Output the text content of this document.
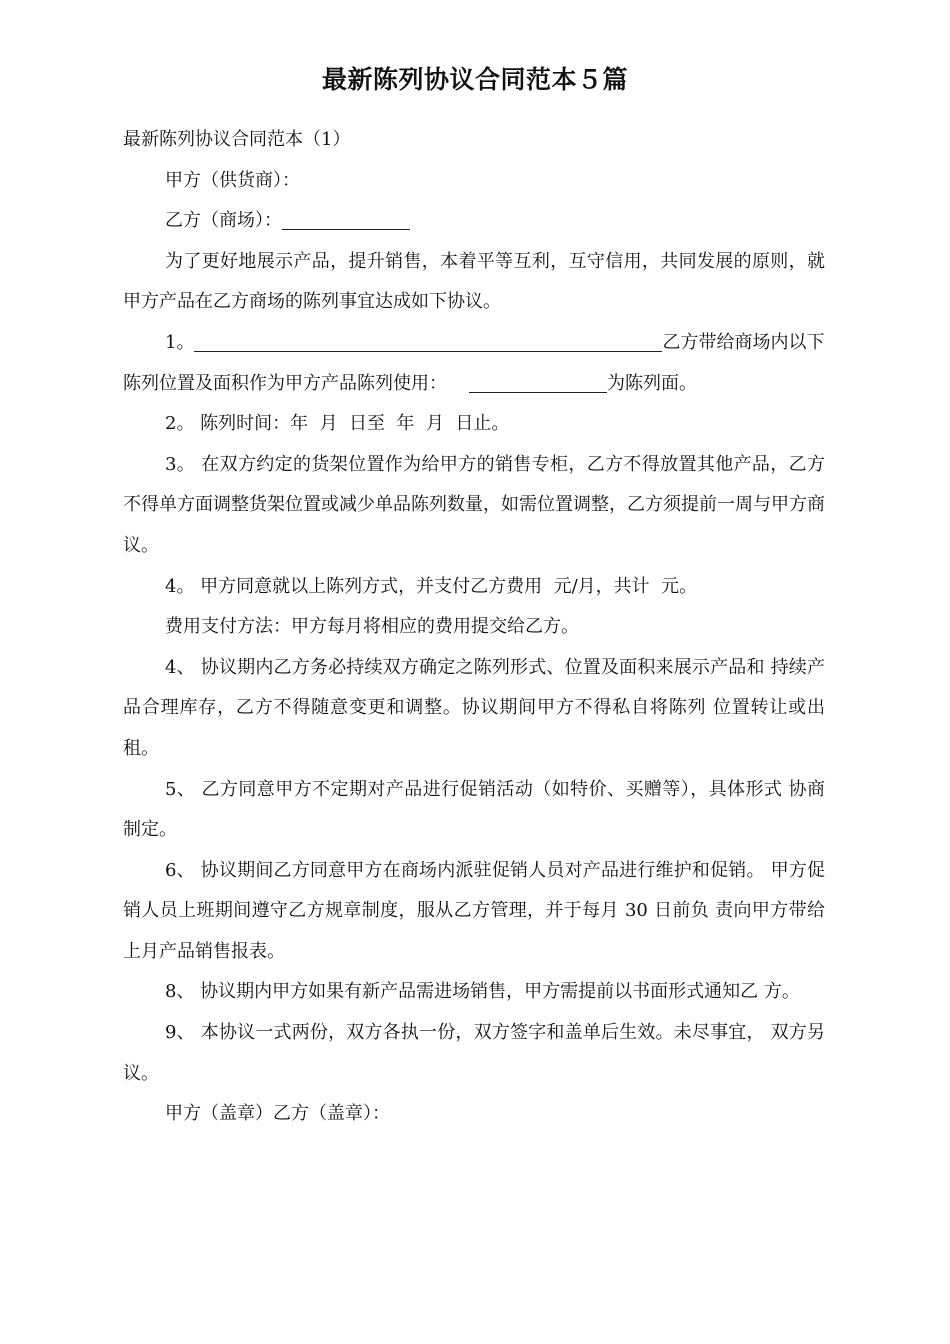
最新陈列协议合同范本５篇

最新陈列协议合同范本（1）

甲方（供货商）：

乙方（商场）：

为了更好地展示产品，提升销售，本着平等互利，互守信用，共同发展的原则，就甲方产品在乙方商场的陈列事宜达成如下协议。

1。	乙方带给商场内以下陈列位置及面积作为甲方产品陈列使用：	为陈列面。

2。 陈列时间：年  月  日至  年  月  日止。

3。 在双方约定的货架位置作为给甲方的销售专柜，乙方不得放置其他产品，乙方不得单方面调整货架位置或减少单品陈列数量，如需位置调整，乙方须提前一周与甲方商议。

4。 甲方同意就以上陈列方式，并支付乙方费用  元/月，共计  元。

费用支付方法：甲方每月将相应的费用提交给乙方。

4、 协议期内乙方务必持续双方确定之陈列形式、位置及面积来展示产品和 持续产品合理库存，乙方不得随意变更和调整。协议期间甲方不得私自将陈列 位置转让或出租。

5、 乙方同意甲方不定期对产品进行促销活动（如特价、买赠等），具体形式 协商制定。

6、 协议期间乙方同意甲方在商场内派驻促销人员对产品进行维护和促销。 甲方促销人员上班期间遵守乙方规章制度，服从乙方管理，并于每月 30 日前负 责向甲方带给上月产品销售报表。

8、 协议期内甲方如果有新产品需进场销售，甲方需提前以书面形式通知乙 方。

9、 本协议一式两份，双方各执一份，双方签字和盖单后生效。未尽事宜， 双方另议。

甲方（盖章）乙方（盖章）：
